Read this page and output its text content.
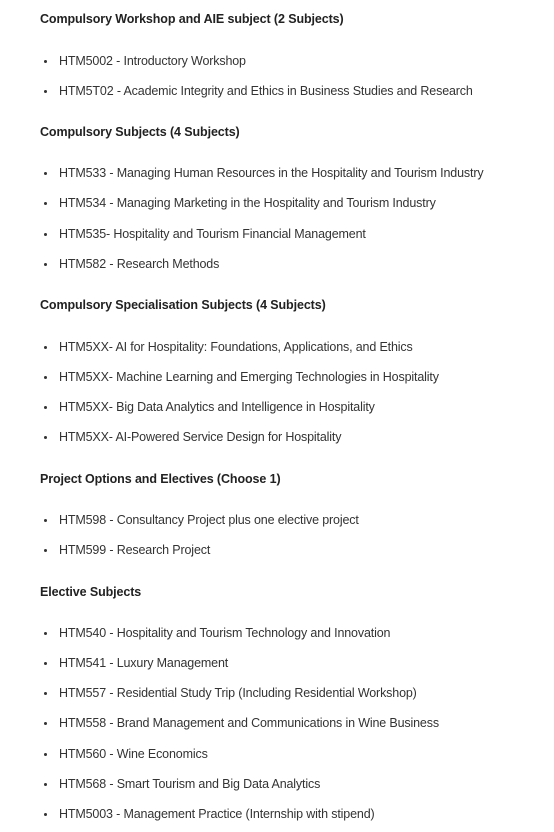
Compulsory Workshop and AIE subject (2 Subjects)
HTM5002 - Introductory Workshop
HTM5T02 - Academic Integrity and Ethics in Business Studies and Research
Compulsory Subjects (4 Subjects)
HTM533 - Managing Human Resources in the Hospitality and Tourism Industry
HTM534 - Managing Marketing in the Hospitality and Tourism Industry
HTM535- Hospitality and Tourism Financial Management
HTM582 - Research Methods
Compulsory Specialisation Subjects (4 Subjects)
HTM5XX- AI for Hospitality: Foundations, Applications, and Ethics
HTM5XX- Machine Learning and Emerging Technologies in Hospitality
HTM5XX- Big Data Analytics and Intelligence in Hospitality
HTM5XX- AI-Powered Service Design for Hospitality
Project Options and Electives (Choose 1)
HTM598 - Consultancy Project plus one elective project
HTM599 - Research Project
Elective Subjects
HTM540 - Hospitality and Tourism Technology and Innovation
HTM541 - Luxury Management
HTM557 - Residential Study Trip (Including Residential Workshop)
HTM558 - Brand Management and Communications in Wine Business
HTM560 - Wine Economics
HTM568 - Smart Tourism and Big Data Analytics
HTM5003 - Management Practice (Internship with stipend)
